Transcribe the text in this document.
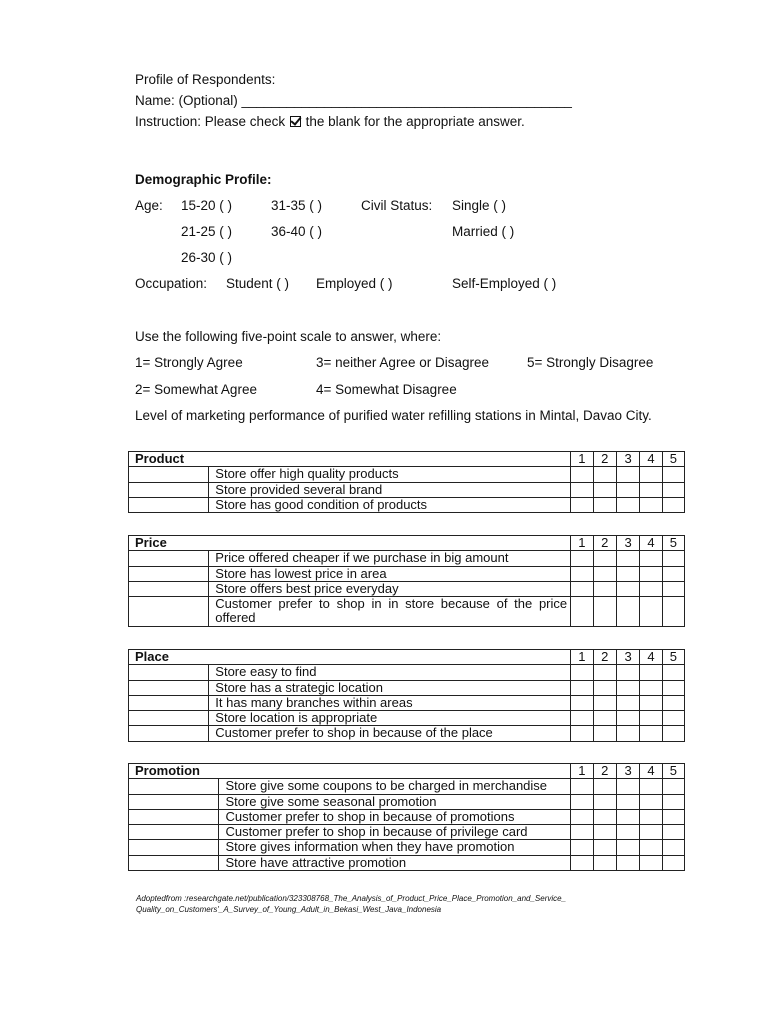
Profile of Respondents:
Name: (Optional) ____________________________________________
Instruction: Please check the blank for the appropriate answer.
Demographic Profile:
Age: 15-20 ( )	31-35 ( )	Civil Status: Single ( )
21-25 ( )	36-40 ( )	Married ( )
26-30 ( )
Occupation: Student ( ) Employed ( )	Self-Employed ( )
Use the following five-point scale to answer, where:
1= Strongly Agree	3= neither Agree or Disagree	5= Strongly Disagree
2= Somewhat Agree	4= Somewhat Disagree
Level of marketing performance of purified water refilling stations in Mintal, Davao City.
Product		1	2	3	4	5
	Store offer high quality products					
	Store provided several brand					
	Store has good condition of products					
Price		1	2	3	4	5
	Price offered cheaper if we purchase in big amount					
	Store has lowest price in area					
	Store offers best price everyday					
	Customer prefer to shop in in store because of the price offered					
Place		1	2	3	4	5
	Store easy to find					
	Store has a strategic location					
	It has many branches within areas					
	Store location is appropriate					
	Customer prefer to shop in because of the place					
Promotion		1	2	3	4	5
	Store give some coupons to be charged in merchandise					
	Store give some seasonal promotion					
	Customer prefer to shop in because of promotions					
	Customer prefer to shop in because of privilege card					
	Store gives information when they have promotion					
	Store have attractive promotion					
Adoptedfrom :researchgate.net/publication/323308768_The_Analysis_of_Product_Price_Place_Promotion_and_Service_
Quality_on_Customers'_A_Survey_of_Young_Adult_in_Bekasi_West_Java_Indonesia
